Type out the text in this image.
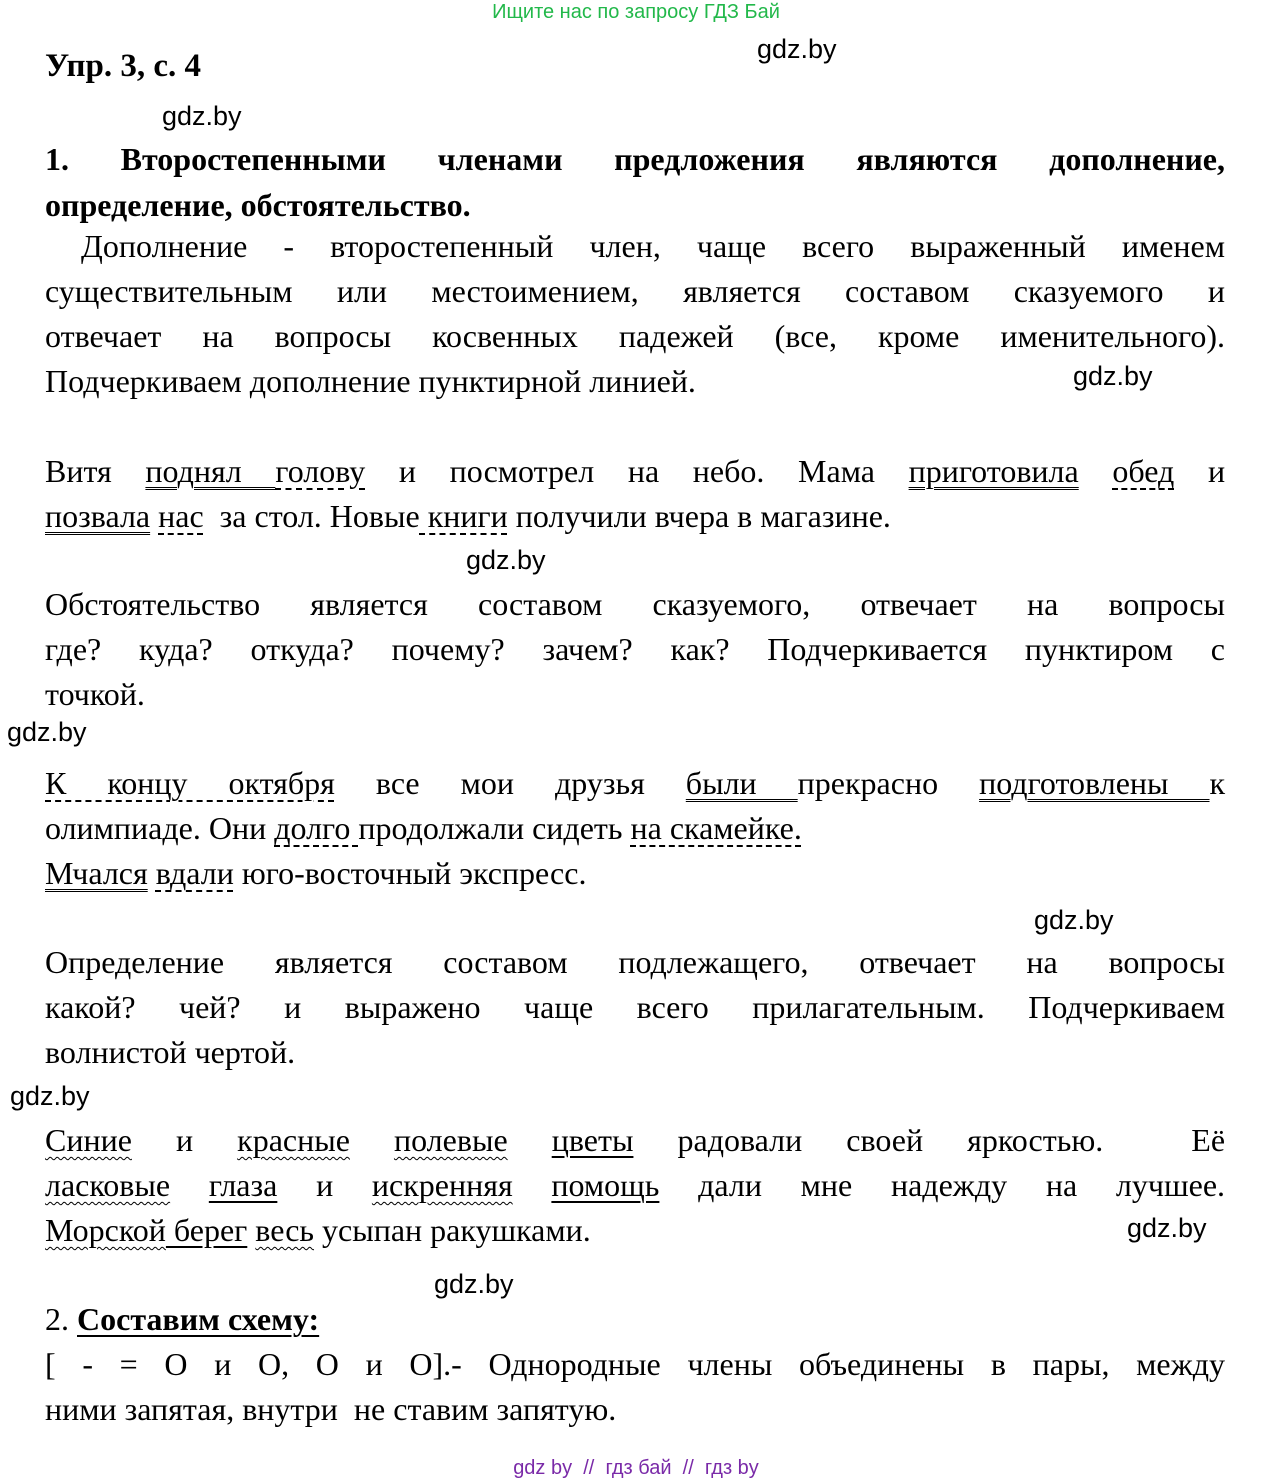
Ищите нас по запросу ГДЗ Бай
Упр. 3, с. 4	gdz.by
gdz.by
gdz.by
gdz.by
gdz.by
gdz.by
gdz.by
gdz.by
gdz.by
1. Второстепенными членами предложения являются дополнение,
определение, обстоятельство.
Дополнение - второстепенный член, чаще всего выраженный именем
существительным или местоимением, является составом сказуемого и
отвечает на вопросы косвенных падежей (все, кроме именительного).
Подчеркиваем дополнение пунктирной линией.
Витя поднял голову и посмотрел на небо. Мама приготовила обед и
позвала нас  за стол. Новые книги получили вчера в магазине.
Обстоятельство является составом сказуемого, отвечает на вопросы
где? куда? откуда? почему? зачем? как? Подчеркивается пунктиром с
точкой.
К концу октября все мои друзья были прекрасно подготовлены к
олимпиаде. Они долго продолжали сидеть на скамейке.
Мчался вдали юго-восточный экспресс.
Определение является составом подлежащего, отвечает на вопросы
какой? чей? и выражено чаще всего прилагательным. Подчеркиваем
волнистой чертой.
Синие и красные полевые цветы радовали своей яркостью.  Её
ласковые глаза и искренняя помощь дали мне надежду на лучшее.
Морской берег весь усыпан ракушками.
2. Составим схему:
[ - = О и О, О и О].- Однородные члены объединены в пары, между
ними запятая, внутри  не ставим запятую.
gdz by  //  гдз бай  //  гдз by
